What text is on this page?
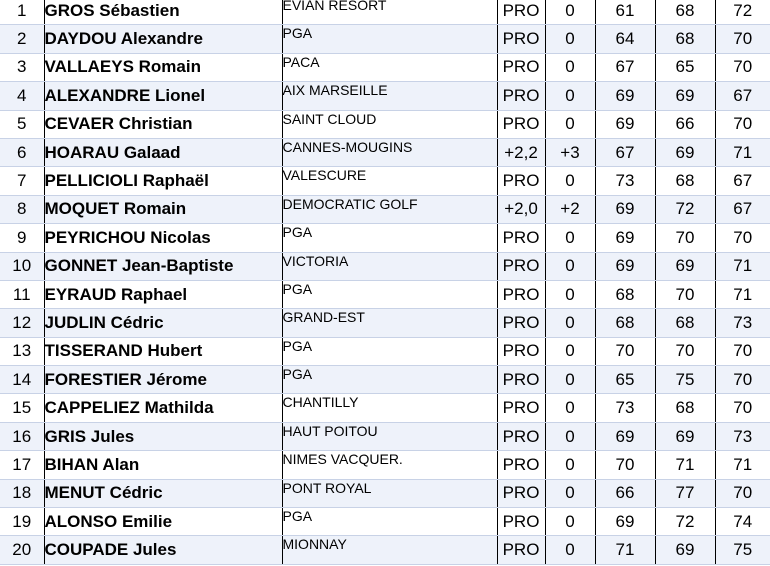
1	GROS Sébastien	EVIAN RESORT	PRO	0	61	68	72
2	DAYDOU Alexandre	PGA	PRO	0	64	68	70
3	VALLAEYS Romain	PACA	PRO	0	67	65	70
4	ALEXANDRE Lionel	AIX MARSEILLE	PRO	0	69	69	67
5	CEVAER Christian	SAINT CLOUD	PRO	0	69	66	70
6	HOARAU Galaad	CANNES-MOUGINS	+2,2	+3	67	69	71
7	PELLICIOLI Raphaël	VALESCURE	PRO	0	73	68	67
8	MOQUET Romain	DEMOCRATIC GOLF	+2,0	+2	69	72	67
9	PEYRICHOU Nicolas	PGA	PRO	0	69	70	70
10	GONNET Jean-Baptiste	VICTORIA	PRO	0	69	69	71
11	EYRAUD Raphael	PGA	PRO	0	68	70	71
12	JUDLIN Cédric	GRAND-EST	PRO	0	68	68	73
13	TISSERAND Hubert	PGA	PRO	0	70	70	70
14	FORESTIER Jérome	PGA	PRO	0	65	75	70
15	CAPPELIEZ Mathilda	CHANTILLY	PRO	0	73	68	70
16	GRIS Jules	HAUT POITOU	PRO	0	69	69	73
17	BIHAN Alan	NIMES VACQUER.	PRO	0	70	71	71
18	MENUT Cédric	PONT ROYAL	PRO	0	66	77	70
19	ALONSO Emilie	PGA	PRO	0	69	72	74
20	COUPADE Jules	MIONNAY	PRO	0	71	69	75
